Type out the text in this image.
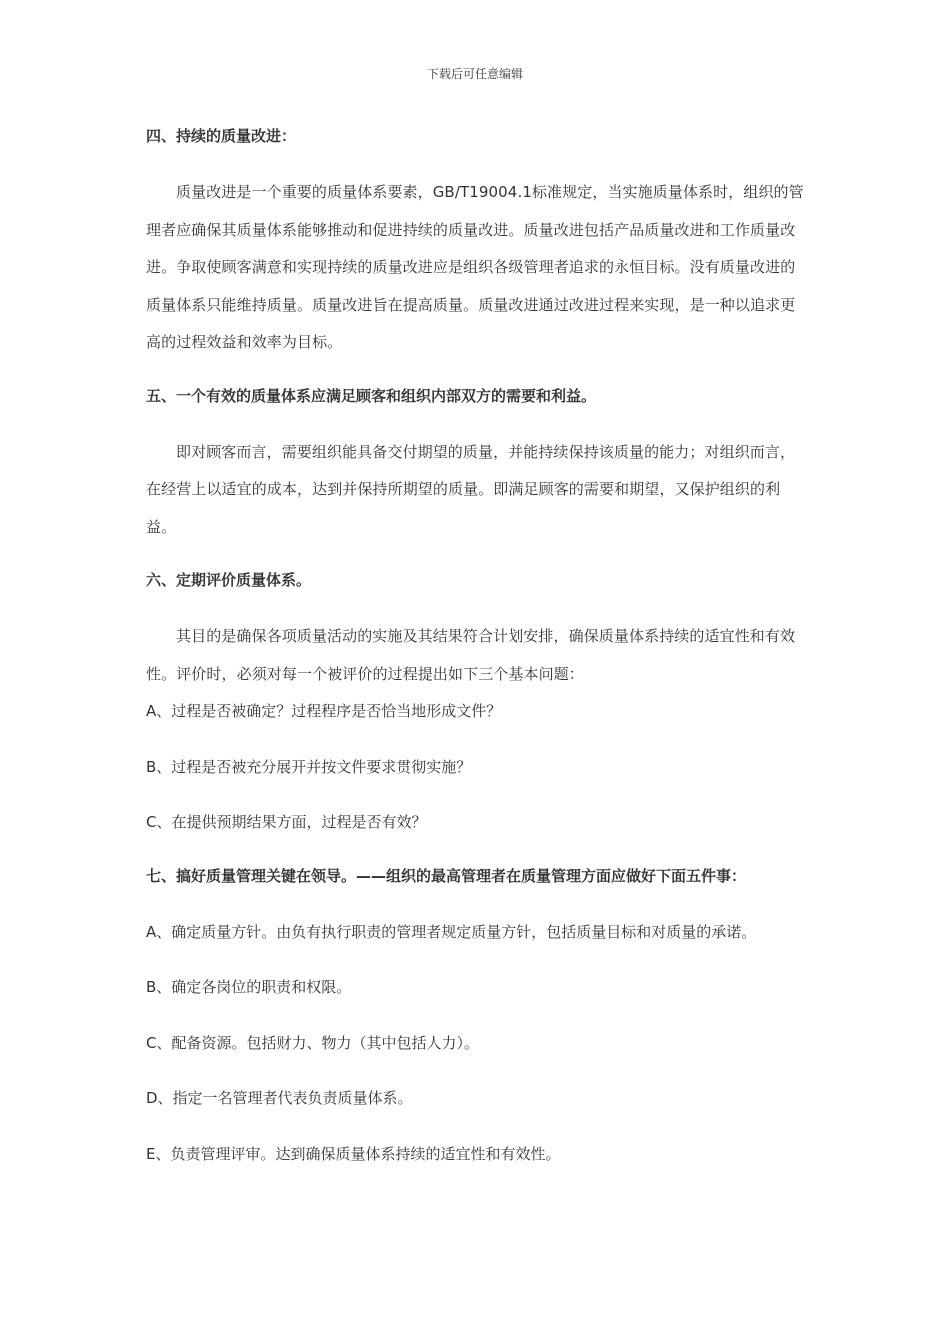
下载后可任意编辑
四、持续的质量改进：

质量改进是一个重要的质量体系要素，GB/T19004.1标准规定，当实施质量体系时，组织的管理者应确保其质量体系能够推动和促进持续的质量改进。质量改进包括产品质量改进和工作质量改进。争取使顾客满意和实现持续的质量改进应是组织各级管理者追求的永恒目标。没有质量改进的质量体系只能维持质量。质量改进旨在提高质量。质量改进通过改进过程来实现，是一种以追求更高的过程效益和效率为目标。

五、一个有效的质量体系应满足顾客和组织内部双方的需要和利益。

即对顾客而言，需要组织能具备交付期望的质量，并能持续保持该质量的能力；对组织而言，在经营上以适宜的成本，达到并保持所期望的质量。即满足顾客的需要和期望，又保护组织的利益。

六、定期评价质量体系。

其目的是确保各项质量活动的实施及其结果符合计划安排，确保质量体系持续的适宜性和有效性。评价时，必须对每一个被评价的过程提出如下三个基本问题：

A、过程是否被确定？过程程序是否恰当地形成文件？

B、过程是否被充分展开并按文件要求贯彻实施？

C、在提供预期结果方面，过程是否有效？

七、搞好质量管理关键在领导。——组织的最高管理者在质量管理方面应做好下面五件事：

A、确定质量方针。由负有执行职责的管理者规定质量方针，包括质量目标和对质量的承诺。

B、确定各岗位的职责和权限。

C、配备资源。包括财力、物力（其中包括人力）。

D、指定一名管理者代表负责质量体系。

E、负责管理评审。达到确保质量体系持续的适宜性和有效性。
